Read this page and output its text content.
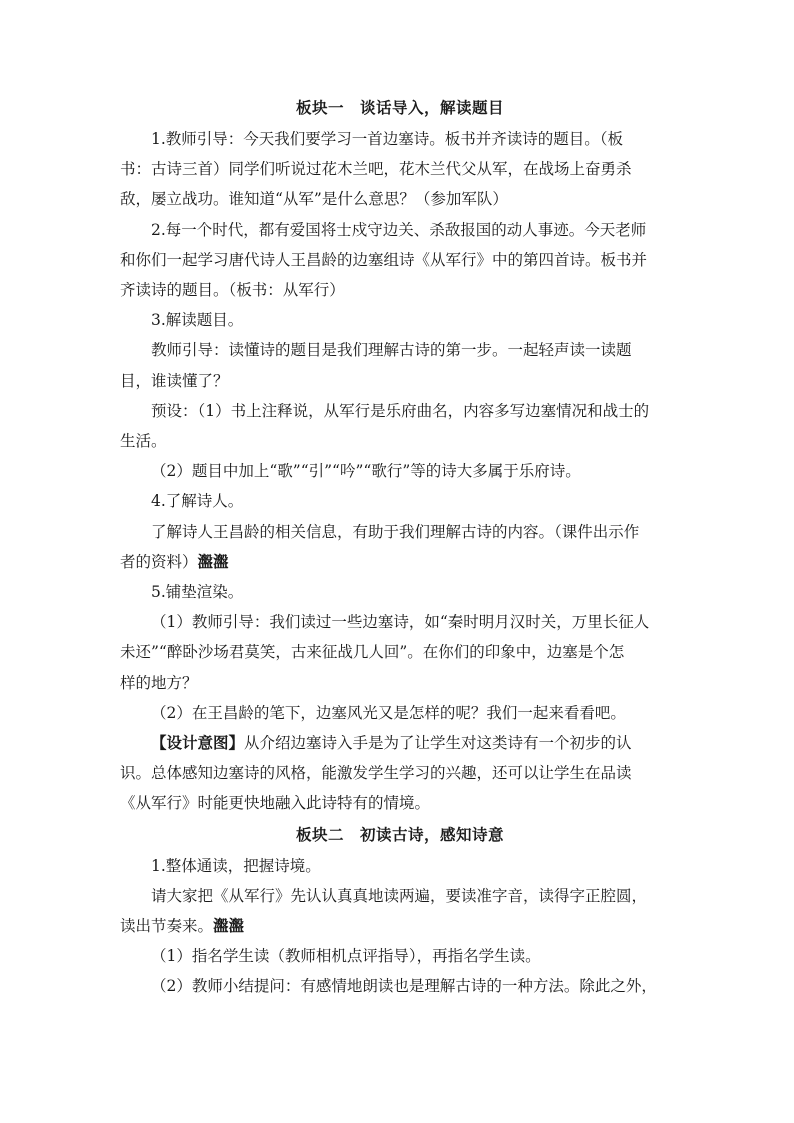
板块一　谈话导入，解读题目
1.教师引导：今天我们要学习一首边塞诗。板书并齐读诗的题目。（板
书：古诗三首）同学们听说过花木兰吧，花木兰代父从军，在战场上奋勇杀
敌，屡立战功。谁知道“从军”是什么意思？（参加军队）
2.每一个时代，都有爱国将士戍守边关、杀敌报国的动人事迹。今天老师
和你们一起学习唐代诗人王昌龄的边塞组诗《从军行》中的第四首诗。板书并
齐读诗的题目。（板书：从军行）
3.解读题目。
教师引导：读懂诗的题目是我们理解古诗的第一步。一起轻声读一读题
目，谁读懂了？
预设：（1）书上注释说，从军行是乐府曲名，内容多写边塞情况和战士的
生活。
（2）题目中加上“歌”“引”“吟”“歌行”等的诗大多属于乐府诗。
4.了解诗人。
了解诗人王昌龄的相关信息，有助于我们理解古诗的内容。（课件出示作
者的资料）瀊瀊
5.铺垫渲染。
（1）教师引导：我们读过一些边塞诗，如“秦时明月汉时关，万里长征人
未还”“醉卧沙场君莫笑，古来征战几人回”。在你们的印象中，边塞是个怎
样的地方？
（2）在王昌龄的笔下，边塞风光又是怎样的呢？我们一起来看看吧。
【设计意图】从介绍边塞诗入手是为了让学生对这类诗有一个初步的认
识。总体感知边塞诗的风格，能激发学生学习的兴趣，还可以让学生在品读
《从军行》时能更快地融入此诗特有的情境。
板块二　初读古诗，感知诗意
1.整体通读，把握诗境。
请大家把《从军行》先认认真真地读两遍，要读准字音，读得字正腔圆，
读出节奏来。瀊瀊
（1）指名学生读（教师相机点评指导），再指名学生读。
（2）教师小结提问：有感情地朗读也是理解古诗的一种方法。除此之外，
